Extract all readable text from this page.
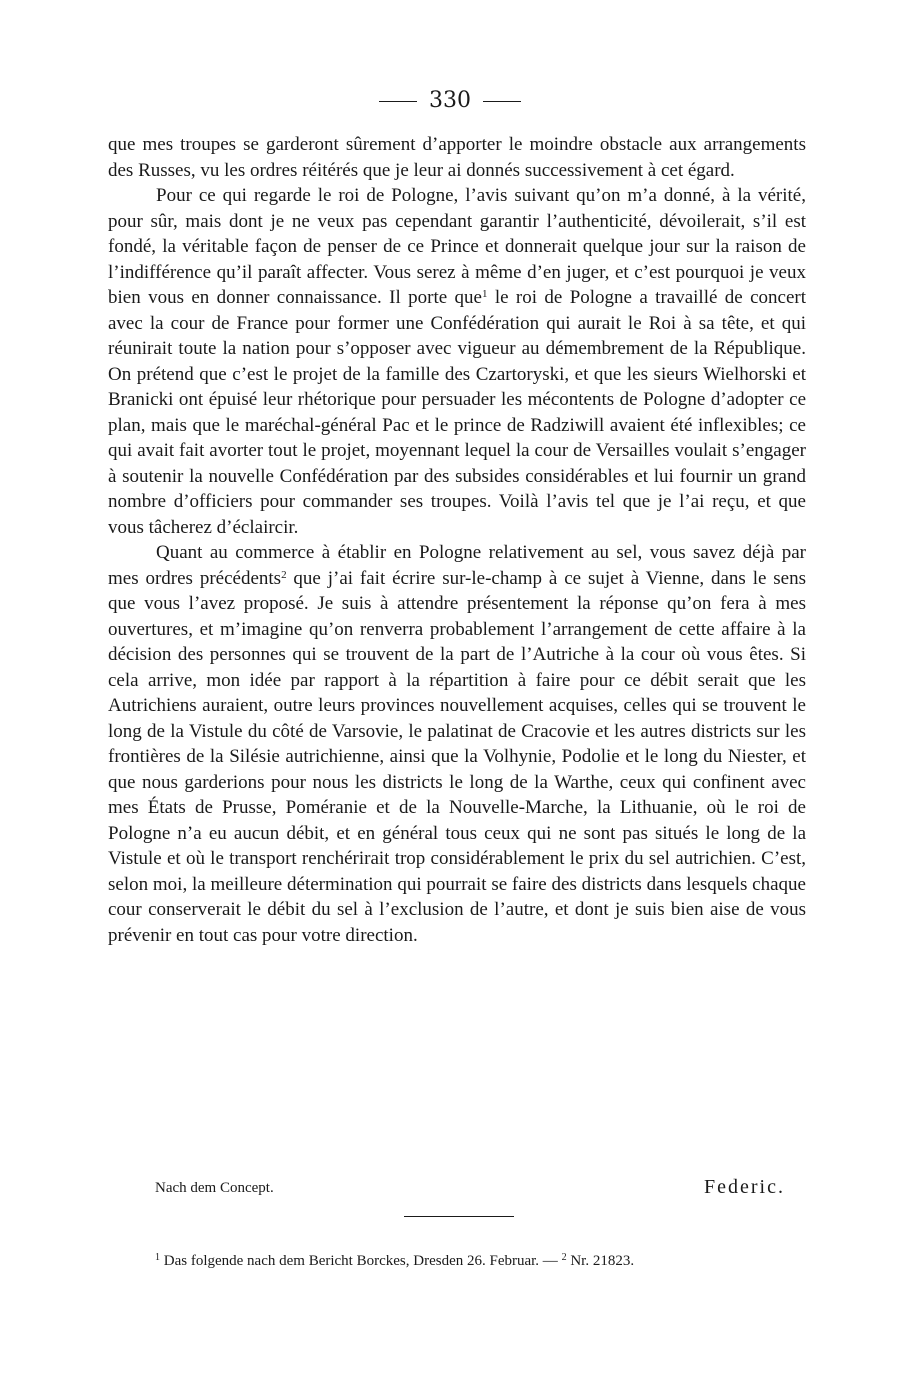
330

que mes troupes se garderont sûrement d’apporter le moindre obstacle aux arrangements des Russes, vu les ordres réitérés que je leur ai donnés successivement à cet égard.

Pour ce qui regarde le roi de Pologne, l’avis suivant qu’on m’a donné, à la vérité, pour sûr, mais dont je ne veux pas cependant garantir l’authenticité, dévoilerait, s’il est fondé, la véritable façon de penser de ce Prince et donnerait quelque jour sur la raison de l’indifférence qu’il paraît affecter. Vous serez à même d’en juger, et c’est pourquoi je veux bien vous en donner connaissance. Il porte que$^1$ le roi de Pologne a travaillé de concert avec la cour de France pour former une Confédération qui aurait le Roi à sa tête, et qui réunirait toute la nation pour s’opposer avec vigueur au démembrement de la République. On prétend que c’est le projet de la famille des Czartoryski, et que les sieurs Wielhorski et Branicki ont épuisé leur rhétorique pour persuader les mécontents de Pologne d’adopter ce plan, mais que le maréchal-général Pac et le prince de Radziwill avaient été inflexibles; ce qui avait fait avorter tout le projet, moyennant lequel la cour de Versailles voulait s’engager à soutenir la nouvelle Confédération par des subsides considérables et lui fournir un grand nombre d’officiers pour commander ses troupes. Voilà l’avis tel que je l’ai reçu, et que vous tâcherez d’éclaircir.

Quant au commerce à établir en Pologne relativement au sel, vous savez déjà par mes ordres précédents$^2$ que j’ai fait écrire sur-le-champ à ce sujet à Vienne, dans le sens que vous l’avez proposé. Je suis à attendre présentement la réponse qu’on fera à mes ouvertures, et m’imagine qu’on renverra probablement l’arrangement de cette affaire à la décision des personnes qui se trouvent de la part de l’Autriche à la cour où vous êtes. Si cela arrive, mon idée par rapport à la répartition à faire pour ce débit serait que les Autrichiens auraient, outre leurs provinces nouvellement acquises, celles qui se trouvent le long de la Vistule du côté de Varsovie, le palatinat de Cracovie et les autres districts sur les frontières de la Silésie autrichienne, ainsi que la Volhynie, Podolie et le long du Niester, et que nous garderions pour nous les districts le long de la Warthe, ceux qui confinent avec mes États de Prusse, Poméranie et de la Nouvelle-Marche, la Lithuanie, où le roi de Pologne n’a eu aucun débit, et en général tous ceux qui ne sont pas situés le long de la Vistule et où le transport renchérirait trop considérablement le prix du sel autrichien. C’est, selon moi, la meilleure détermination qui pourrait se faire des districts dans lesquels chaque cour conserverait le débit du sel à l’exclusion de l’autre, et dont je suis bien aise de vous prévenir en tout cas pour votre direction.

Nach dem Concept.	Federic.
$^1$ Das folgende nach dem Bericht Borckes, Dresden 26. Februar. — $^2$ Nr. 21823.
